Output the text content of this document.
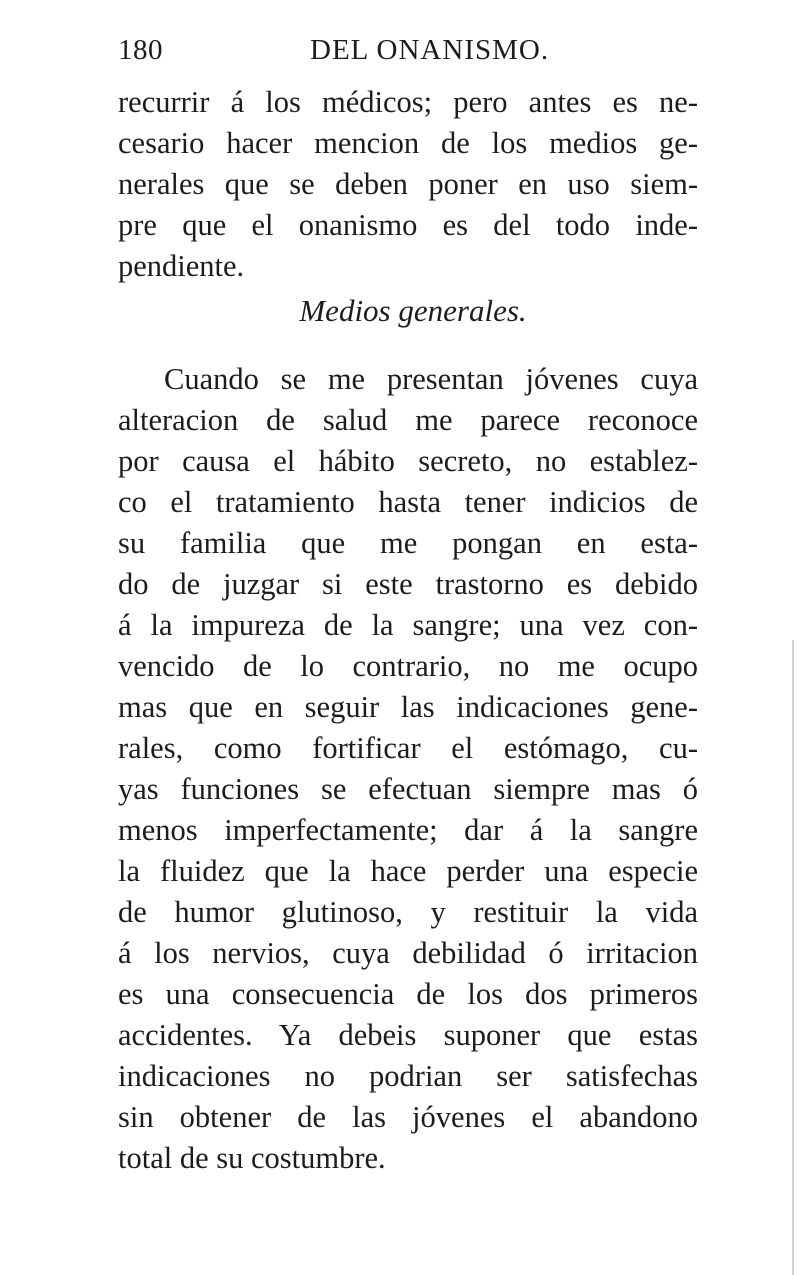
180	DEL ONANISMO.
recurrir á los médicos; pero antes es ne-
cesario hacer mencion de los medios ge-
nerales que se deben poner en uso siem-
pre que el onanismo es del todo inde-
pendiente.
Medios generales.
Cuando se me presentan jóvenes cuya
alteracion de salud me parece reconoce
por causa el hábito secreto, no establez-
co el tratamiento hasta tener indicios de
su familia que me pongan en esta-
do de juzgar si este trastorno es debido
á la impureza de la sangre; una vez con-
vencido de lo contrario, no me ocupo
mas que en seguir las indicaciones gene-
rales, como fortificar el estómago, cu-
yas funciones se efectuan siempre mas ó
menos imperfectamente; dar á la sangre
la fluidez que la hace perder una especie
de humor glutinoso, y restituir la vida
á los nervios, cuya debilidad ó irritacion
es una consecuencia de los dos primeros
accidentes. Ya debeis suponer que estas
indicaciones no podrian ser satisfechas
sin obtener de las jóvenes el abandono
total de su costumbre.
